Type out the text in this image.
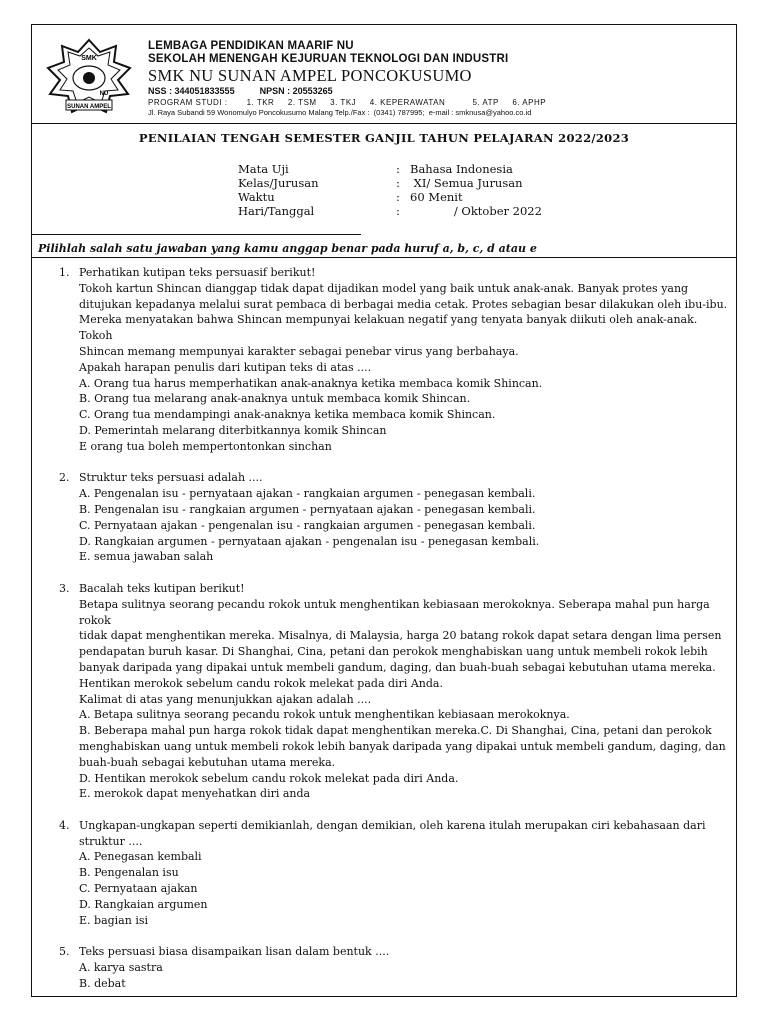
SMK
NU
SUNAN AMPEL
LEMBAGA PENDIDIKAN MAARIF NU
SEKOLAH MENENGAH KEJURUAN TEKNOLOGI DAN INDUSTRI
SMK NU SUNAN AMPEL PONCOKUSUMO
NSS : 344051833555          NPSN : 20553265
PROGRAM STUDI :       1. TKR     2. TSM     3. TKJ     4. KEPERAWATAN          5. ATP     6. APHP
Jl. Raya Subandi 59 Wonomulyo Poncokusumo Malang Telp./Fax :  (0341) 787995;  e-mail : smknusa@yahoo.co.id
PENILAIAN TENGAH SEMESTER GANJIL TAHUN PELAJARAN 2022/2023
Mata Uji	: Bahasa Indonesia
Kelas/Jurusan	: XI/ Semua Jurusan
Waktu	: 60 Menit
Hari/Tanggal	: / Oktober 2022
Pilihlah salah satu jawaban yang kamu anggap benar pada huruf a, b, c, d atau e
1. Perhatikan kutipan teks persuasif berikut!
Tokoh kartun Shincan dianggap tidak dapat dijadikan model yang baik untuk anak-anak. Banyak protes yang
ditujukan kepadanya melalui surat pembaca di berbagai media cetak. Protes sebagian besar dilakukan oleh ibu-ibu.
Mereka menyatakan bahwa Shincan mempunyai kelakuan negatif yang tenyata banyak diikuti oleh anak-anak. Tokoh
Shincan memang mempunyai karakter sebagai penebar virus yang berbahaya.
Apakah harapan penulis dari kutipan teks di atas ....
A. Orang tua harus memperhatikan anak-anaknya ketika membaca komik Shincan.
B. Orang tua melarang anak-anaknya untuk membaca komik Shincan.
C. Orang tua mendampingi anak-anaknya ketika membaca komik Shincan.
D. Pemerintah melarang diterbitkannya komik Shincan
E orang tua boleh mempertontonkan sinchan
2. Struktur teks persuasi adalah ....
A. Pengenalan isu - pernyataan ajakan - rangkaian argumen - penegasan kembali.
B. Pengenalan isu - rangkaian argumen - pernyataan ajakan - penegasan kembali.
C. Pernyataan ajakan - pengenalan isu - rangkaian argumen - penegasan kembali.
D. Rangkaian argumen - pernyataan ajakan - pengenalan isu - penegasan kembali.
E. semua jawaban salah
3. Bacalah teks kutipan berikut!
Betapa sulitnya seorang pecandu rokok untuk menghentikan kebiasaan merokoknya. Seberapa mahal pun harga rokok
tidak dapat menghentikan mereka. Misalnya, di Malaysia, harga 20 batang rokok dapat setara dengan lima persen
pendapatan buruh kasar. Di Shanghai, Cina, petani dan perokok menghabiskan uang untuk membeli rokok lebih
banyak daripada yang dipakai untuk membeli gandum, daging, dan buah-buah sebagai kebutuhan utama mereka.
Hentikan merokok sebelum candu rokok melekat pada diri Anda.
Kalimat di atas yang menunjukkan ajakan adalah ....
A. Betapa sulitnya seorang pecandu rokok untuk menghentikan kebiasaan merokoknya.
B. Beberapa mahal pun harga rokok tidak dapat menghentikan mereka.C. Di Shanghai, Cina, petani dan perokok
menghabiskan uang untuk membeli rokok lebih banyak daripada yang dipakai untuk membeli gandum, daging, dan
buah-buah sebagai kebutuhan utama mereka.
D. Hentikan merokok sebelum candu rokok melekat pada diri Anda.
E. merokok dapat menyehatkan diri anda
4. Ungkapan-ungkapan seperti demikianlah, dengan demikian, oleh karena itulah merupakan ciri kebahasaan dari
struktur ....
A. Penegasan kembali
B. Pengenalan isu
C. Pernyataan ajakan
D. Rangkaian argumen
E. bagian isi
5. Teks persuasi biasa disampaikan lisan dalam bentuk ....
A. karya sastra
B. debat
